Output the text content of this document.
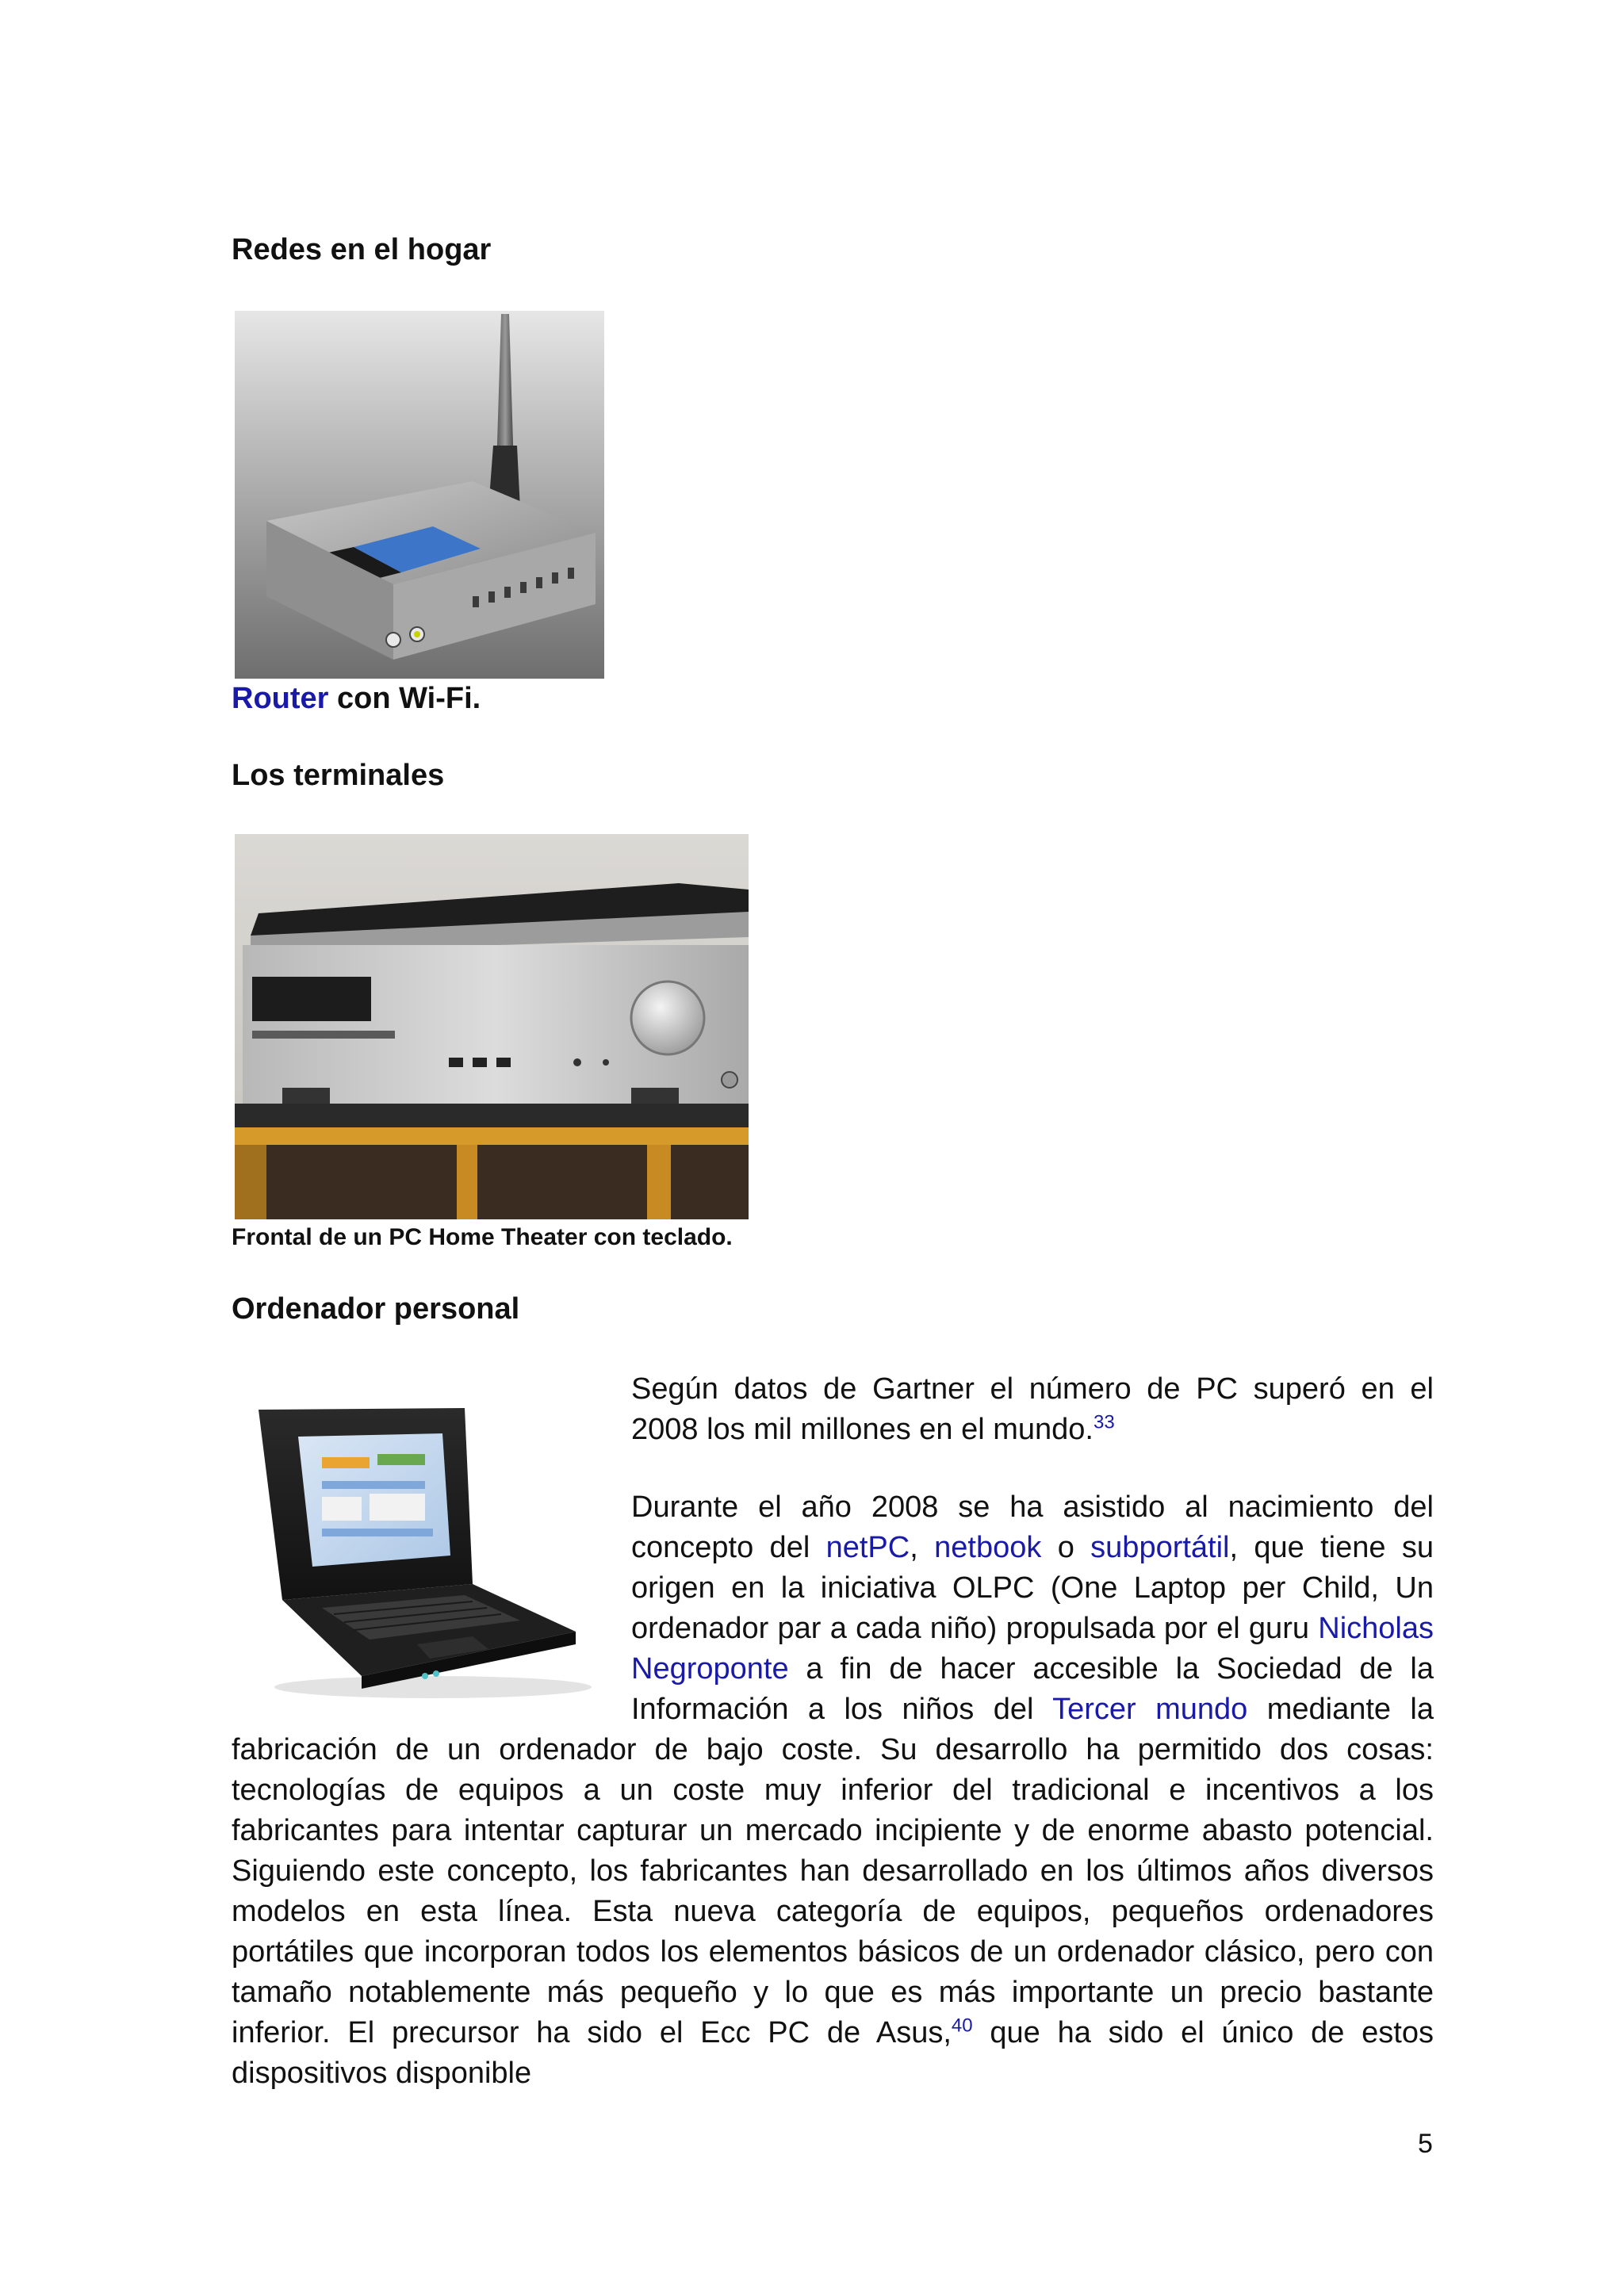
Redes en el hogar
Router con Wi-Fi.
Los terminales
Frontal de un PC Home Theater con teclado.
Ordenador personal

Según datos de Gartner el número de PC superó en el 2008 los mil millones en el mundo.$^{33}$

Durante el año 2008 se ha asistido al nacimiento del concepto del netPC, netbook o subportátil, que tiene su origen en la iniciativa OLPC (One Laptop per Child, Un ordenador par a cada niño) propulsada por el guru Nicholas Negroponte a fin de hacer accesible la Sociedad de la Información a los niños del Tercer mundo mediante la fabricación de un ordenador de bajo coste. Su desarrollo ha permitido dos cosas: tecnologías de equipos a un coste muy inferior del tradicional e incentivos a los fabricantes para intentar capturar un mercado incipiente y de enorme abasto potencial. Siguiendo este concepto, los fabricantes han desarrollado en los últimos años diversos modelos en esta línea. Esta nueva categoría de equipos, pequeños ordenadores portátiles que incorporan todos los elementos básicos de un ordenador clásico, pero con tamaño notablemente más pequeño y lo que es más importante un precio bastante inferior. El precursor ha sido el Ecc PC de Asus,$^{40}$ que ha sido el único de estos dispositivos disponible

5
